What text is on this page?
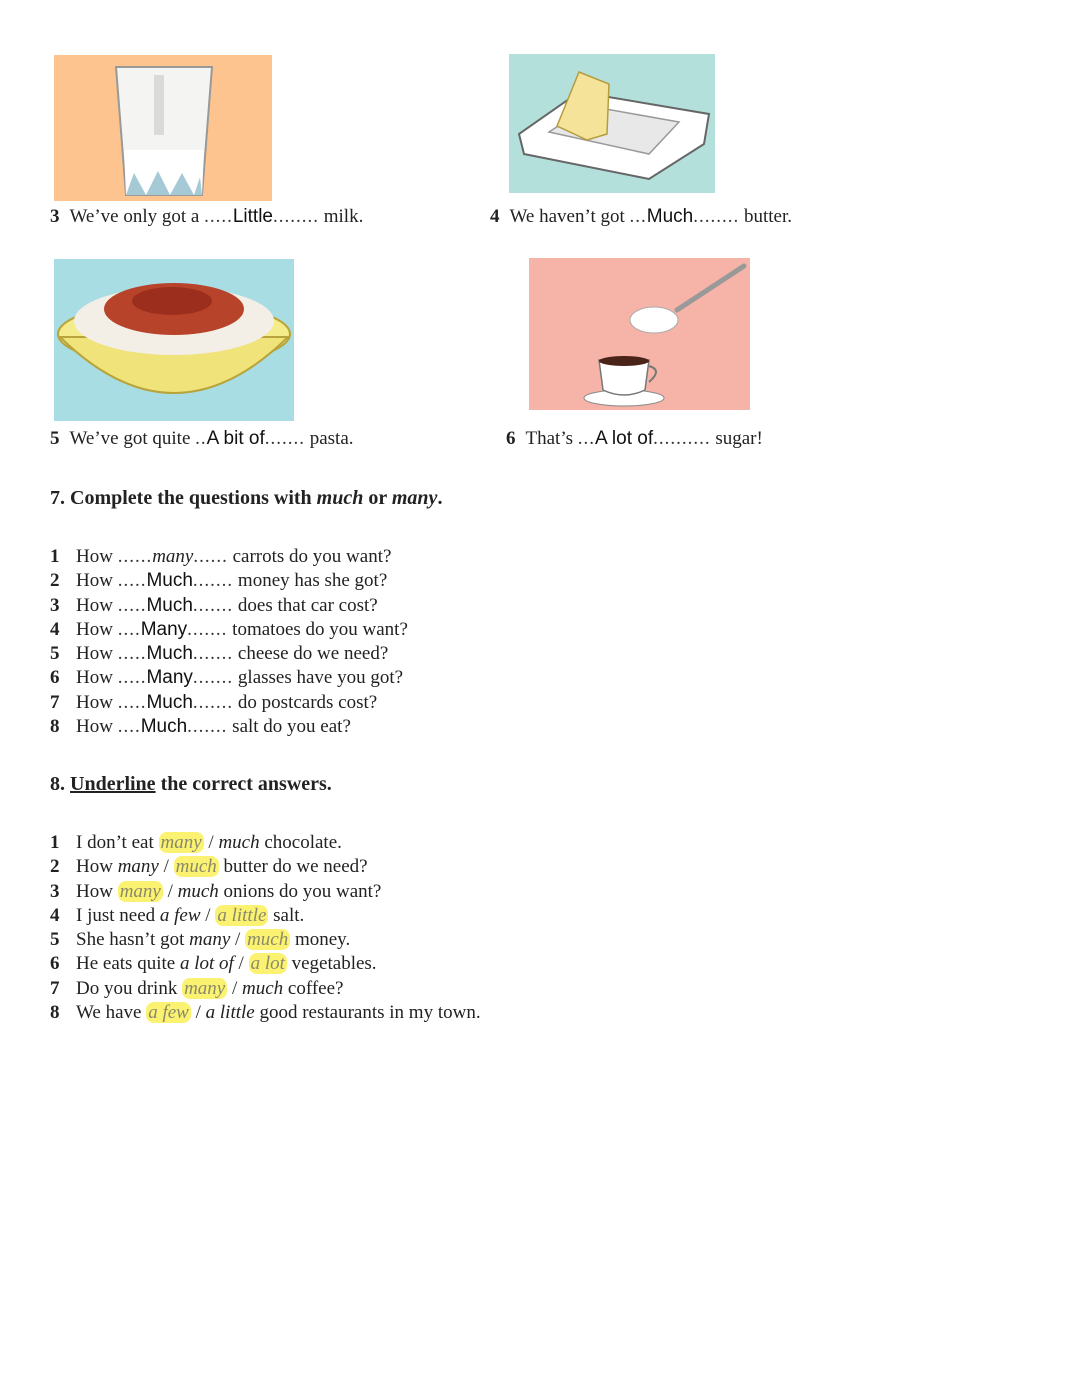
3 We’ve only got a .....Little........ milk.	4 We haven’t got ...Much........ butter.
5 We’ve got quite ..A bit of....... pasta.	6 That’s ...A lot of.......... sugar!
7. Complete the questions with much or many.
1 How ......many...... carrots do you want?
2 How .....Much....... money has she got?
3 How .....Much....... does that car cost?
4 How ....Many....... tomatoes do you want?
5 How .....Much....... cheese do we need?
6 How .....Many....... glasses have you got?
7 How .....Much....... do postcards cost?
8 How ....Much....... salt do you eat?
8. Underline the correct answers.
1 I don’t eat many / much chocolate.
2 How many / much butter do we need?
3 How many / much onions do you want?
4 I just need a few / a little salt.
5 She hasn’t got many / much money.
6 He eats quite a lot of / a lot vegetables.
7 Do you drink many / much coffee?
8 We have a few / a little good restaurants in my town.
